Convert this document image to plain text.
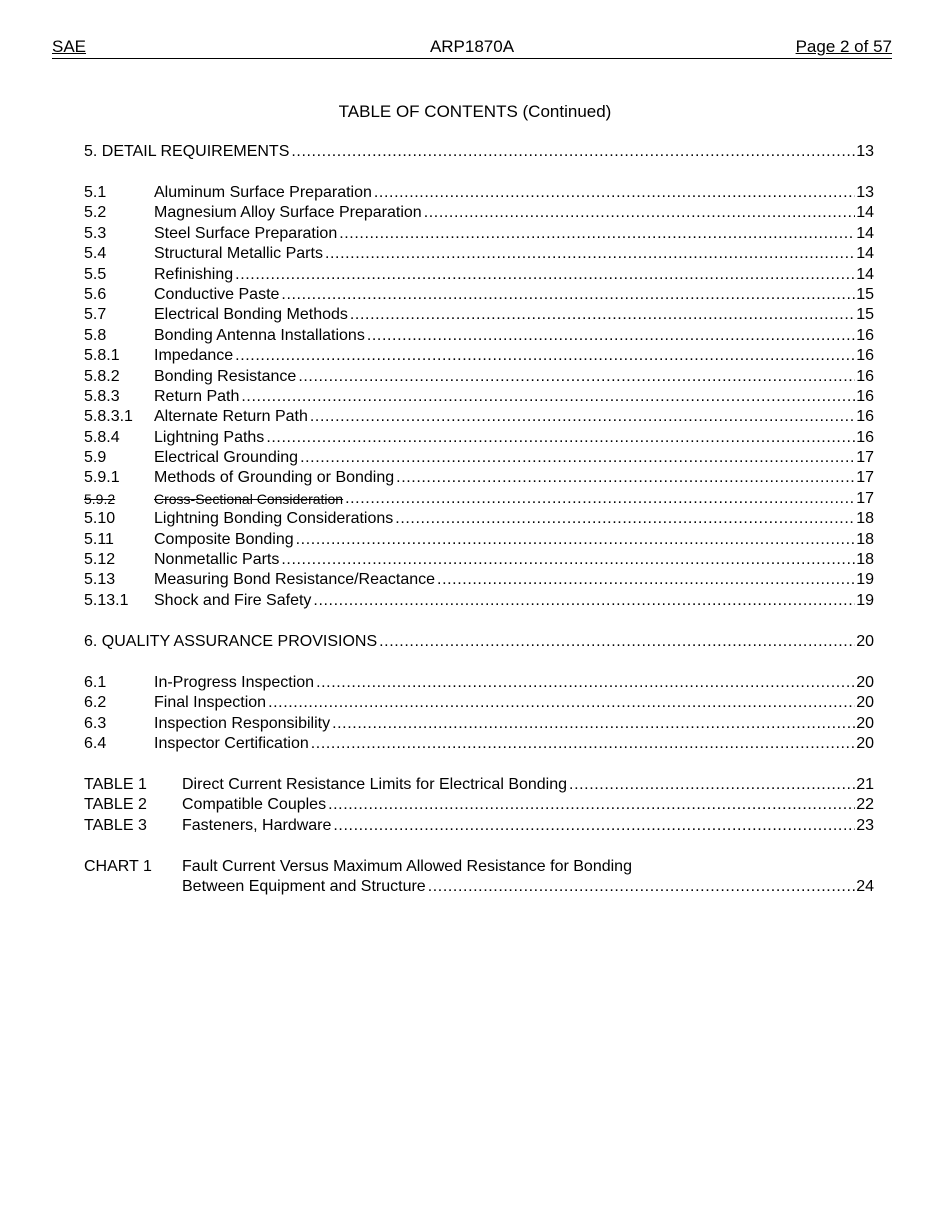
SAE	ARP1870A	Page 2 of 57
TABLE OF CONTENTS (Continued)
5. DETAIL REQUIREMENTS .....	13
5.1	Aluminum Surface Preparation .....	13
5.2	Magnesium Alloy Surface Preparation .....	14
5.3	Steel Surface Preparation .....	14
5.4	Structural Metallic Parts .....	14
5.5	Refinishing .....	14
5.6	Conductive Paste .....	15
5.7	Electrical Bonding Methods .....	15
5.8	Bonding Antenna Installations .....	16
5.8.1 Impedance .....	16
5.8.2 Bonding Resistance .....	16
5.8.3 Return Path .....	16
5.8.3.1 Alternate Return Path .....	16
5.8.4 Lightning Paths .....	16
5.9	Electrical Grounding .....	17
5.9.1 Methods of Grounding or Bonding .....	17
5.9.2	Cross-Sectional Consideration .....	17
5.10 Lightning Bonding Considerations .....	18
5.11	Composite Bonding .....	18
5.12 Nonmetallic Parts .....	18
5.13 Measuring Bond Resistance/Reactance .....	19
5.13.1 Shock and Fire Safety .....	19
6. QUALITY ASSURANCE PROVISIONS .....	20
6.1	In-Progress Inspection .....	20
6.2	Final Inspection .....	20
6.3	Inspection Responsibility .....	20
6.4	Inspector Certification .....	20
TABLE 1 Direct Current Resistance Limits for Electrical Bonding .....	21
TABLE 2 Compatible Couples .....	22
TABLE 3 Fasteners, Hardware .....	23
CHART 1 Fault Current Versus Maximum Allowed Resistance for Bonding
Between Equipment and Structure .....	24
